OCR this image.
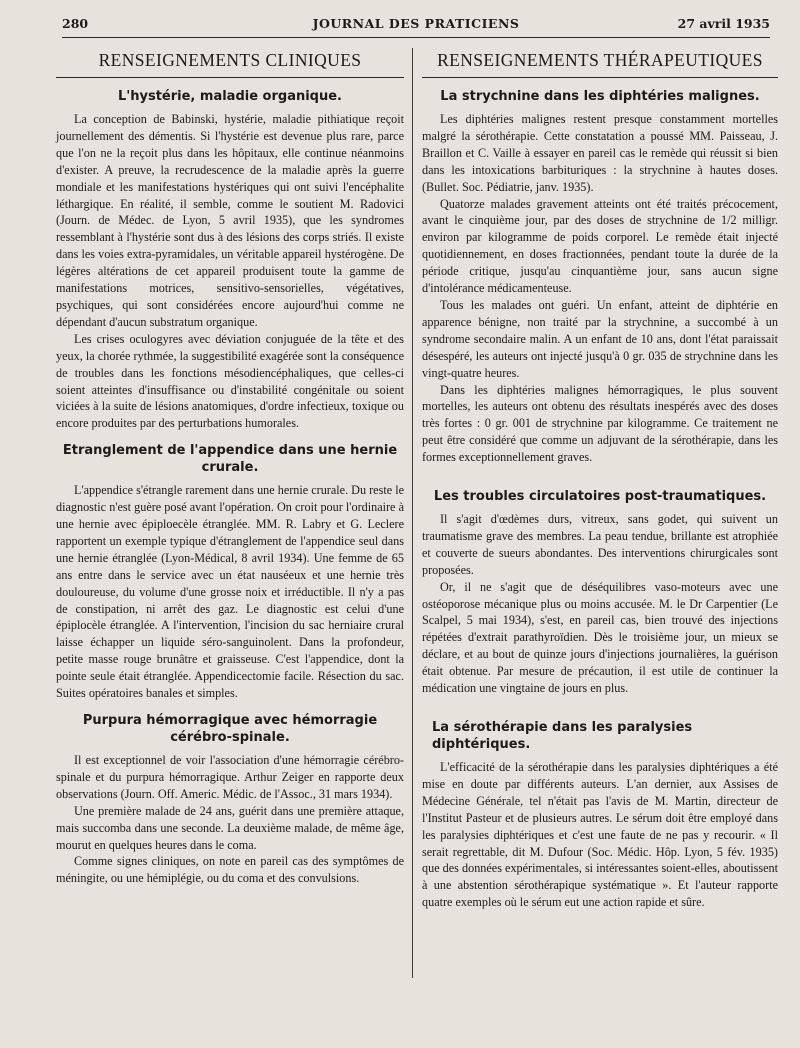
280	JOURNAL DES PRATICIENS	27 avril 1935
RENSEIGNEMENTS CLINIQUES
L'hystérie, maladie organique.

La conception de Babinski, hystérie, maladie pithiatique reçoit journellement des démentis. Si l'hystérie est devenue plus rare, parce que l'on ne la reçoit plus dans les hôpitaux, elle continue néanmoins d'exister. A preuve, la recrudescence de la maladie après la guerre mondiale et les manifestations hystériques qui ont suivi l'encéphalite léthargique. En réalité, il semble, comme le soutient M. Radovici (Journ. de Médec. de Lyon, 5 avril 1935), que les syndromes ressemblant à l'hystérie sont dus à des lésions des corps striés. Il existe dans les voies extra-pyramidales, un véritable appareil hystérogène. De légères altérations de cet appareil produisent toute la gamme de manifestations motrices, sensitivo-sensorielles, végétatives, psychiques, qui sont considérées encore aujourd'hui comme ne dépendant d'aucun substratum organique.

Les crises oculogyres avec déviation conjuguée de la tête et des yeux, la chorée rythmée, la suggestibilité exagérée sont la conséquence de troubles dans les fonctions mésodiencéphaliques, que celles-ci soient atteintes d'insuffisance ou d'instabilité congénitale ou soient viciées à la suite de lésions anatomiques, d'ordre infectieux, toxique ou encore produites par des perturbations humorales.

Etranglement de l'appendice dans une hernie crurale.

L'appendice s'étrangle rarement dans une hernie crurale. Du reste le diagnostic n'est guère posé avant l'opération. On croit pour l'ordinaire à une hernie avec épiploecèle étranglée. MM. R. Labry et G. Leclere rapportent un exemple typique d'étranglement de l'appendice seul dans une hernie étranglée (Lyon-Médical, 8 avril 1934). Une femme de 65 ans entre dans le service avec un état nauséeux et une hernie très douloureuse, du volume d'une grosse noix et irréductible. Il n'y a pas de constipation, ni arrêt des gaz. Le diagnostic est celui d'une épiplocèle étranglée. A l'intervention, l'incision du sac herniaire crural laisse échapper un liquide séro-sanguinolent. Dans la profondeur, petite masse rouge brunâtre et graisseuse. C'est l'appendice, dont la pointe seule était étranglée. Appendicectomie facile. Résection du sac. Suites opératoires banales et simples.

Purpura hémorragique avec hémorragie cérébro-spinale.

Il est exceptionnel de voir l'association d'une hémorragie cérébro-spinale et du purpura hémorragique. Arthur Zeiger en rapporte deux observations (Journ. Off. Americ. Médic. de l'Assoc., 31 mars 1934).

Une première malade de 24 ans, guérit dans une première attaque, mais succomba dans une seconde. La deuxième malade, de même âge, mourut en quelques heures dans le coma.

Comme signes cliniques, on note en pareil cas des symptômes de méningite, ou une hémiplégie, ou du coma et des convulsions.

RENSEIGNEMENTS THÉRAPEUTIQUES
La strychnine dans les diphtéries malignes.

Les diphtéries malignes restent presque constamment mortelles malgré la sérothérapie. Cette constatation a poussé MM. Paisseau, J. Braillon et C. Vaille à essayer en pareil cas le remède qui réussit si bien dans les intoxications barbituriques : la strychnine à hautes doses. (Bullet. Soc. Pédiatrie, janv. 1935).

Quatorze malades gravement atteints ont été traités précocement, avant le cinquième jour, par des doses de strychnine de 1/2 milligr. environ par kilogramme de poids corporel. Le remède était injecté quotidiennement, en doses fractionnées, pendant toute la durée de la période critique, jusqu'au cinquantième jour, sans aucun signe d'intolérance médicamenteuse.

Tous les malades ont guéri. Un enfant, atteint de diphtérie en apparence bénigne, non traité par la strychnine, a succombé à un syndrome secondaire malin. A un enfant de 10 ans, dont l'état paraissait désespéré, les auteurs ont injecté jusqu'à 0 gr. 035 de strychnine dans les vingt-quatre heures.

Dans les diphtéries malignes hémorragiques, le plus souvent mortelles, les auteurs ont obtenu des résultats inespérés avec des doses très fortes : 0 gr. 001 de strychnine par kilogramme. Ce traitement ne peut être considéré que comme un adjuvant de la sérothérapie, dans les formes exceptionnellement graves.

Les troubles circulatoires post-traumatiques.

Il s'agit d'œdèmes durs, vitreux, sans godet, qui suivent un traumatisme grave des membres. La peau tendue, brillante est atrophiée et couverte de sueurs abondantes. Des interventions chirurgicales sont proposées.

Or, il ne s'agit que de déséquilibres vaso-moteurs avec une ostéoporose mécanique plus ou moins accusée. M. le Dr Carpentier (Le Scalpel, 5 mai 1934), s'est, en pareil cas, bien trouvé des injections répétées d'extrait parathyroïdien. Dès le troisième jour, un mieux se déclare, et au bout de quinze jours d'injections journalières, la guérison était obtenue. Par mesure de précaution, il est utile de continuer la médication une vingtaine de jours en plus.

La sérothérapie dans les paralysies diphtériques.

L'efficacité de la sérothérapie dans les paralysies diphtériques a été mise en doute par différents auteurs. L'an dernier, aux Assises de Médecine Générale, tel n'était pas l'avis de M. Martin, directeur de l'Institut Pasteur et de plusieurs autres. Le sérum doit être employé dans les paralysies diphtériques et c'est une faute de ne pas y recourir. « Il serait regrettable, dit M. Dufour (Soc. Médic. Hôp. Lyon, 5 fév. 1935) que des données expérimentales, si intéressantes soient-elles, aboutissent à une abstention sérothérapique systématique ». Et l'auteur rapporte quatre exemples où le sérum eut une action rapide et sûre.
